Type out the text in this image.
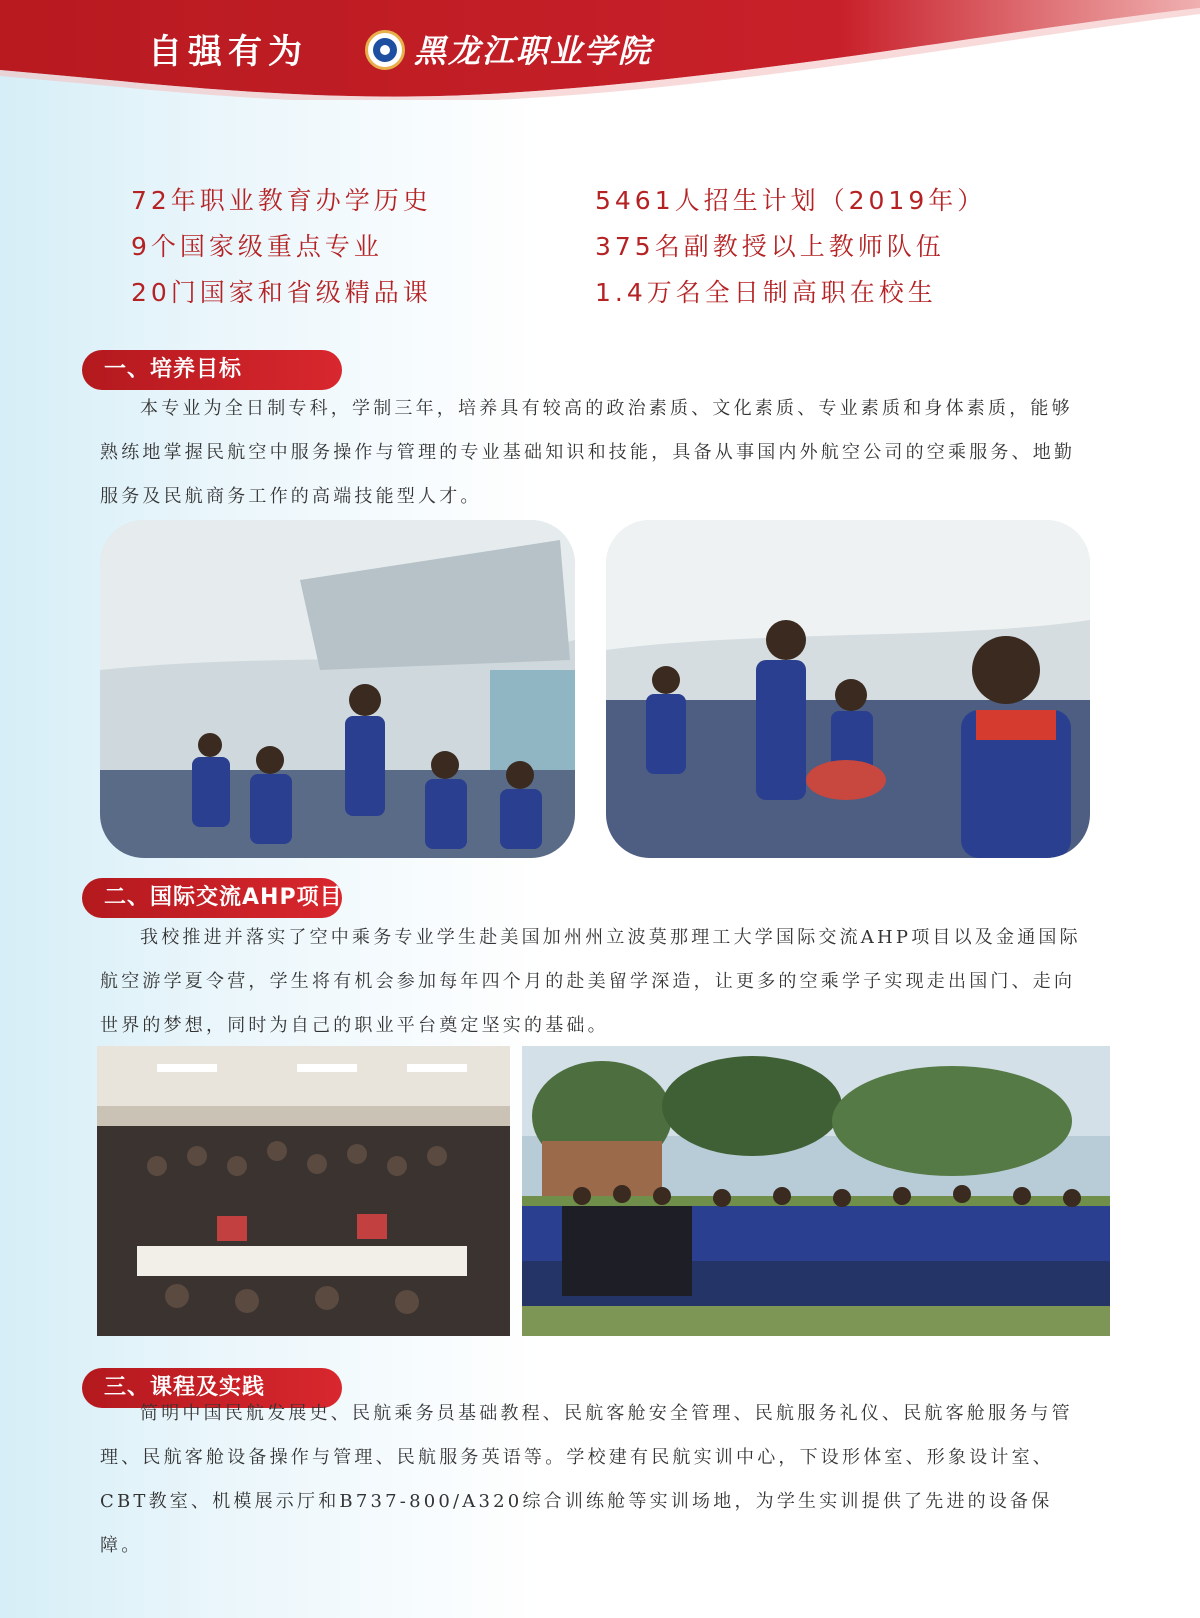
自强有为	黑龙江职业学院
72年职业教育办学历史
9个国家级重点专业
20门国家和省级精品课
5461人招生计划（2019年）
375名副教授以上教师队伍
1.4万名全日制高职在校生
一、培养目标

本专业为全日制专科，学制三年，培养具有较高的政治素质、文化素质、专业素质和身体素质，能够熟练地掌握民航空中服务操作与管理的专业基础知识和技能，具备从事国内外航空公司的空乘服务、地勤服务及民航商务工作的高端技能型人才。

二、国际交流AHP项目

我校推进并落实了空中乘务专业学生赴美国加州州立波莫那理工大学国际交流AHP项目以及金通国际航空游学夏令营，学生将有机会参加每年四个月的赴美留学深造，让更多的空乘学子实现走出国门、走向世界的梦想，同时为自己的职业平台奠定坚实的基础。

三、课程及实践

简明中国民航发展史、民航乘务员基础教程、民航客舱安全管理、民航服务礼仪、民航客舱服务与管理、民航客舱设备操作与管理、民航服务英语等。学校建有民航实训中心，下设形体室、形象设计室、CBT教室、机模展示厅和B737-800/A320综合训练舱等实训场地，为学生实训提供了先进的设备保障。
